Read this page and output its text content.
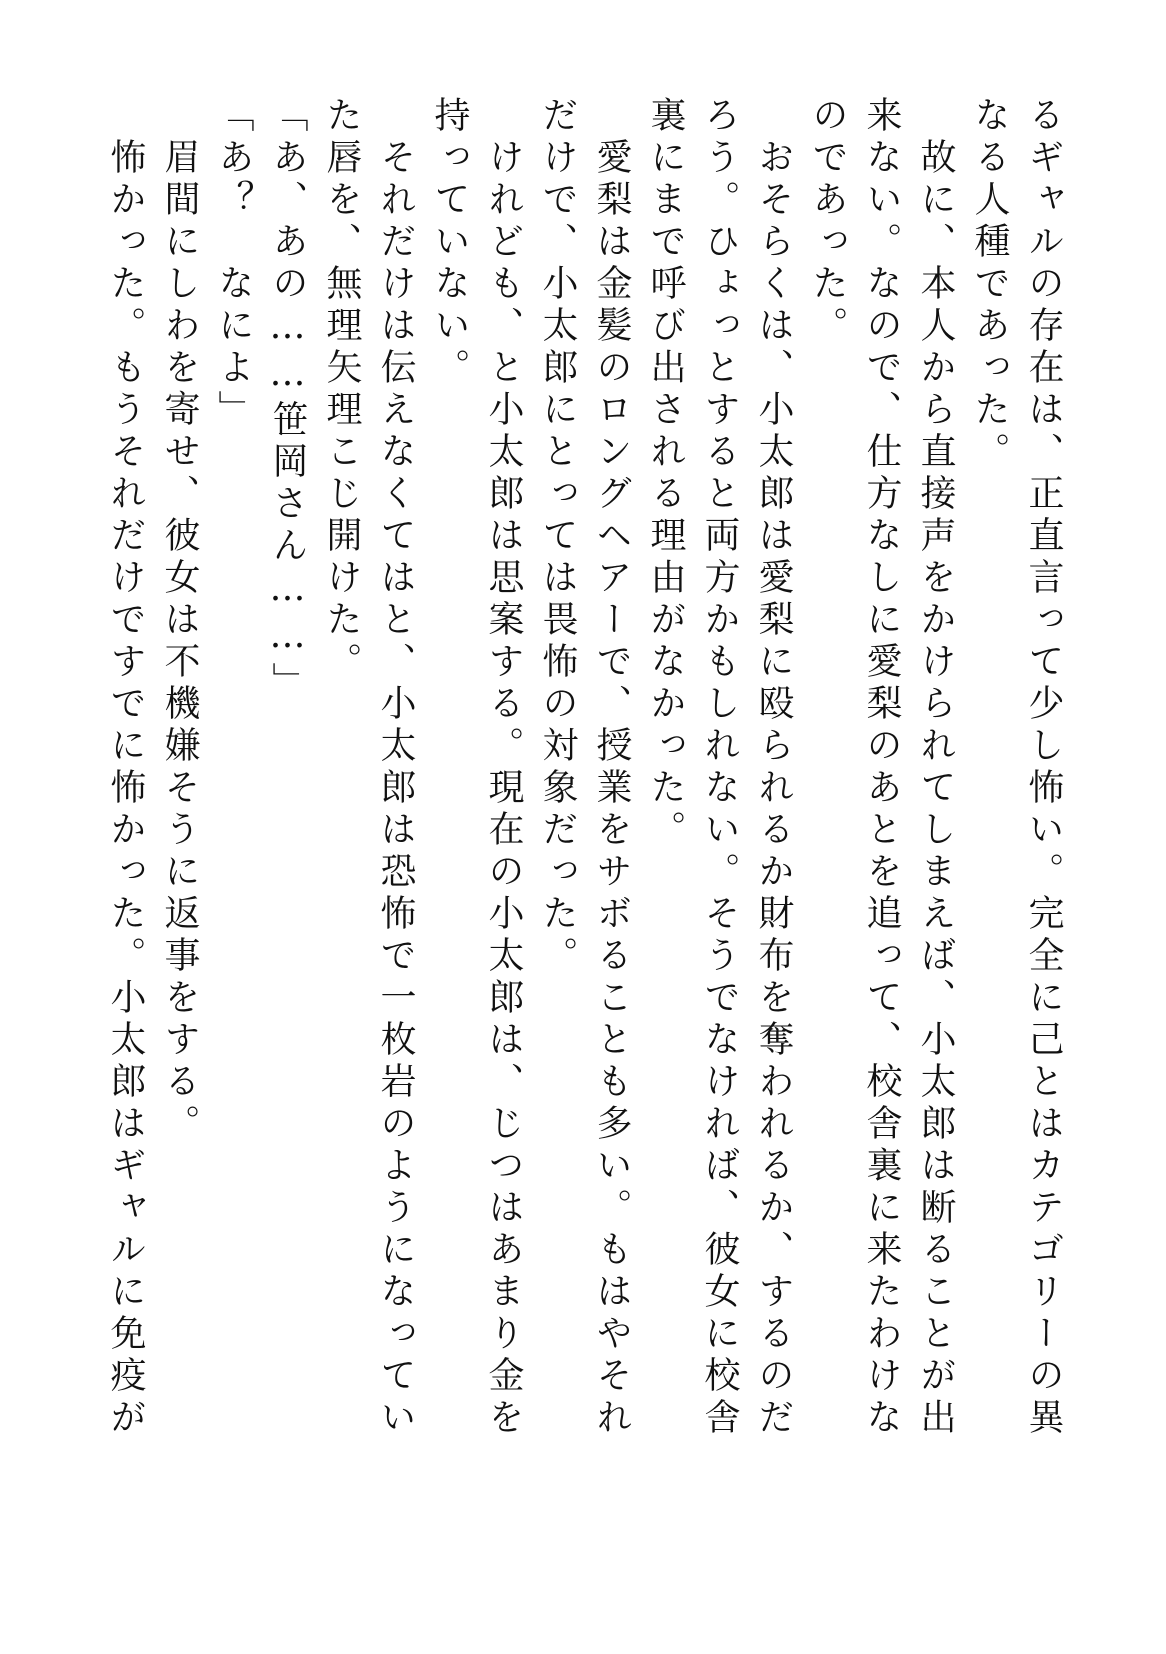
るギャルの存在は、正直言って少し怖い。完全に己とはカテゴリーの異
なる人種であった。
　故に、本人から直接声をかけられてしまえば、小太郎は断ることが出
来ない。なので、仕方なしに愛梨のあとを追って、校舎裏に来たわけな
のであった。
　おそらくは、小太郎は愛梨に殴られるか財布を奪われるか、するのだ
ろう。ひょっとすると両方かもしれない。そうでなければ、彼女に校舎
裏にまで呼び出される理由がなかった。
　愛梨は金髪のロングヘアーで、授業をサボることも多い。もはやそれ
だけで、小太郎にとっては畏怖の対象だった。
　けれども、と小太郎は思案する。現在の小太郎は、じつはあまり金を
持っていない。
　それだけは伝えなくてはと、小太郎は恐怖で一枚岩のようになってい
た唇を、無理矢理こじ開けた。
「あ、あの……笹岡さん……」
「あ？　なによ」
　眉間にしわを寄せ、彼女は不機嫌そうに返事をする。
　怖かった。もうそれだけですでに怖かった。小太郎はギャルに免疫が
